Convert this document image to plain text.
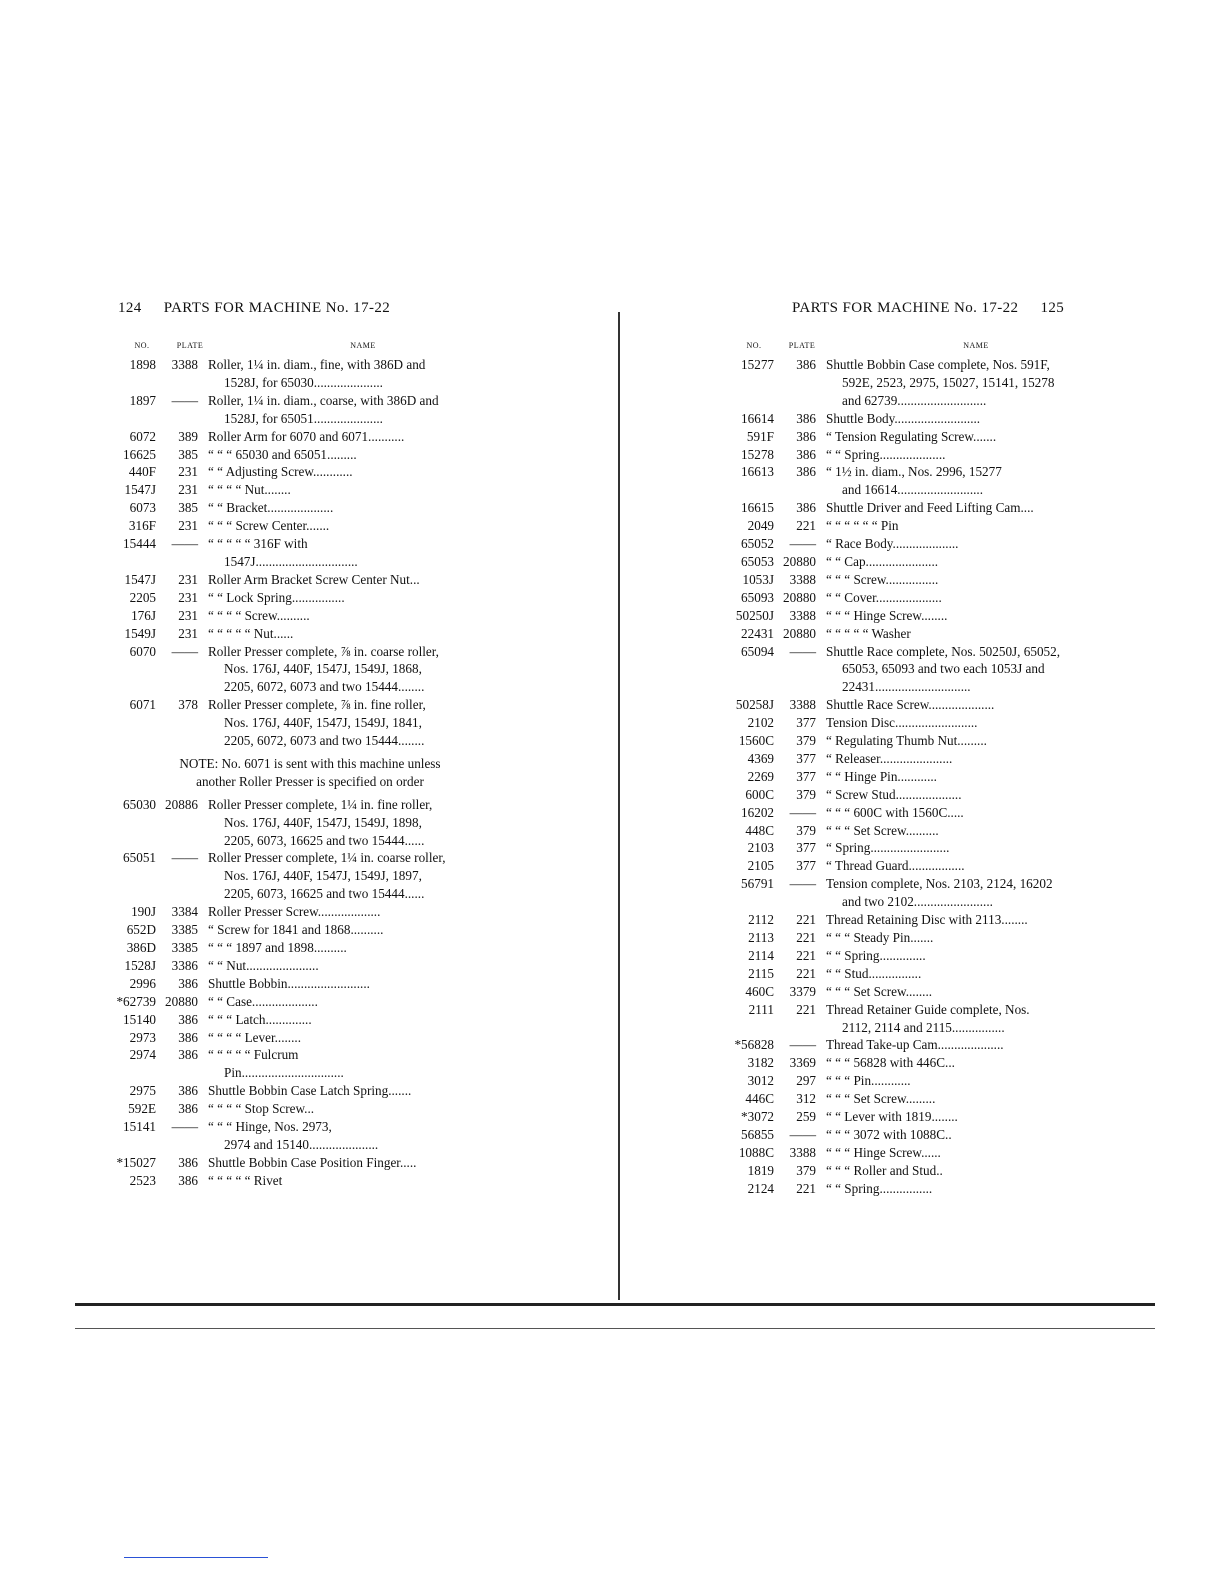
124 PARTS FOR MACHINE No. 17-22
NO.	PLATE	NAME
1898	3388 Roller, 1¼ in. diam., fine, with 386D and
1528J, for 65030.....................
1897	—— Roller, 1¼ in. diam., coarse, with 386D and
1528J, for 65051.....................
6072	389 Roller Arm for 6070 and 6071...........
16625	385 “ “ “ 65030 and 65051.........
440F	231 “ “ Adjusting Screw............
1547J	231 “ “ “ “ Nut........
6073	385 “ “ Bracket....................
316F	231 “ “ “ Screw Center.......
15444	—— “ “ “ “ “ 316F with
1547J...............................
1547J	231 Roller Arm Bracket Screw Center Nut...
2205	231 “ “ Lock Spring................
176J	231 “ “ “ “ Screw..........
1549J	231 “ “ “ “ “ Nut......
6070	—— Roller Presser complete, ⅞ in. coarse roller,
Nos. 176J, 440F, 1547J, 1549J, 1868,
2205, 6072, 6073 and two 15444........
6071	378 Roller Presser complete, ⅞ in. fine roller,
Nos. 176J, 440F, 1547J, 1549J, 1841,
2205, 6072, 6073 and two 15444........
NOTE: No. 6071 is sent with this machine unless
another Roller Presser is specified on order
65030 20886 Roller Presser complete, 1¼ in. fine roller,
Nos. 176J, 440F, 1547J, 1549J, 1898,
2205, 6073, 16625 and two 15444......
65051	—— Roller Presser complete, 1¼ in. coarse roller,
Nos. 176J, 440F, 1547J, 1549J, 1897,
2205, 6073, 16625 and two 15444......
190J	3384 Roller Presser Screw...................
652D	3385 “ Screw for 1841 and 1868..........
386D	3385 “ “ “ 1897 and 1898..........
1528J	3386 “ “ Nut......................
2996	386 Shuttle Bobbin.........................
*62739 20880 “ “ Case....................
15140	386 “ “ “ Latch..............
2973	386 “ “ “ “ Lever........
2974	386 “ “ “ “ “ Fulcrum
Pin...............................
2975	386 Shuttle Bobbin Case Latch Spring.......
592E	386 “ “ “ “ Stop Screw...
15141	—— “ “ “ Hinge, Nos. 2973,
2974 and 15140.....................
*15027	386 Shuttle Bobbin Case Position Finger.....
2523	386 “ “ “ “ “ Rivet
PARTS FOR MACHINE No. 17-22 125
NO.	PLATE	NAME
15277	386 Shuttle Bobbin Case complete, Nos. 591F,
592E, 2523, 2975, 15027, 15141, 15278
and 62739...........................
16614	386 Shuttle Body..........................
591F	386 “ Tension Regulating Screw.......
15278	386 “ “ Spring....................
16613	386 “ 1½ in. diam., Nos. 2996, 15277
and 16614..........................
16615	386 Shuttle Driver and Feed Lifting Cam....
2049	221 “ “ “ “ “ “ Pin
65052	—— “ Race Body....................
65053 20880 “ “ Cap......................
1053J	3388 “ “ “ Screw................
65093 20880 “ “ Cover....................
50250J	3388 “ “ “ Hinge Screw........
22431 20880 “ “ “ “ “ Washer
65094	—— Shuttle Race complete, Nos. 50250J, 65052,
65053, 65093 and two each 1053J and
22431.............................
50258J	3388 Shuttle Race Screw....................
2102	377 Tension Disc.........................
1560C	379 “ Regulating Thumb Nut.........
4369	377 “ Releaser......................
2269	377 “ “ Hinge Pin............
600C	379 “ Screw Stud....................
16202	—— “ “ “ 600C with 1560C.....
448C	379 “ “ “ Set Screw..........
2103	377 “ Spring........................
2105	377 “ Thread Guard.................
56791	—— Tension complete, Nos. 2103, 2124, 16202
and two 2102........................
2112	221 Thread Retaining Disc with 2113........
2113	221 “ “ “ Steady Pin.......
2114	221 “ “ Spring..............
2115	221 “ “ Stud................
460C	3379 “ “ “ Set Screw........
2111	221 Thread Retainer Guide complete, Nos.
2112, 2114 and 2115................
*56828	—— Thread Take-up Cam....................
3182	3369 “ “ “ 56828 with 446C...
3012	297 “ “ “ Pin............
446C	312 “ “ “ Set Screw.........
*3072	259 “ “ Lever with 1819........
56855	—— “ “ “ 3072 with 1088C..
1088C	3388 “ “ “ Hinge Screw......
1819	379 “ “ “ Roller and Stud..
2124	221 “ “ Spring................
